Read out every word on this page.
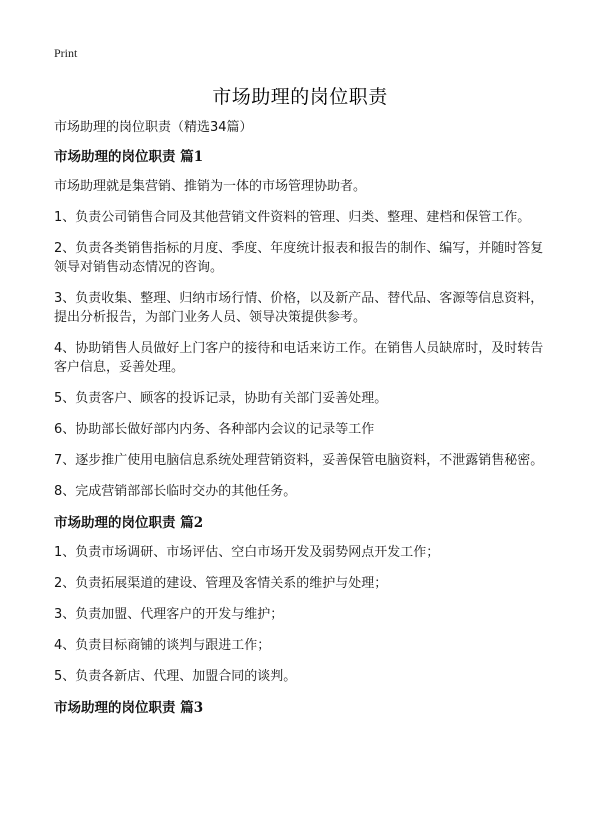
Print
市场助理的岗位职责
市场助理的岗位职责（精选34篇）
市场助理的岗位职责 篇1

市场助理就是集营销、推销为一体的市场管理协助者。

1、负责公司销售合同及其他营销文件资料的管理、归类、整理、建档和保管工作。

2、负责各类销售指标的月度、季度、年度统计报表和报告的制作、编写，并随时答复领导对销售动态情况的咨询。

3、负责收集、整理、归纳市场行情、价格，以及新产品、替代品、客源等信息资料，提出分析报告，为部门业务人员、领导决策提供参考。

4、协助销售人员做好上门客户的接待和电话来访工作。在销售人员缺席时，及时转告客户信息，妥善处理。

5、负责客户、顾客的投诉记录，协助有关部门妥善处理。

6、协助部长做好部内内务、各种部内会议的记录等工作

7、逐步推广使用电脑信息系统处理营销资料，妥善保管电脑资料，不泄露销售秘密。

8、完成营销部部长临时交办的其他任务。

市场助理的岗位职责 篇2

1、负责市场调研、市场评估、空白市场开发及弱势网点开发工作；

2、负责拓展渠道的建设、管理及客情关系的维护与处理；

3、负责加盟、代理客户的开发与维护；

4、负责目标商铺的谈判与跟进工作；

5、负责各新店、代理、加盟合同的谈判。

市场助理的岗位职责 篇3
